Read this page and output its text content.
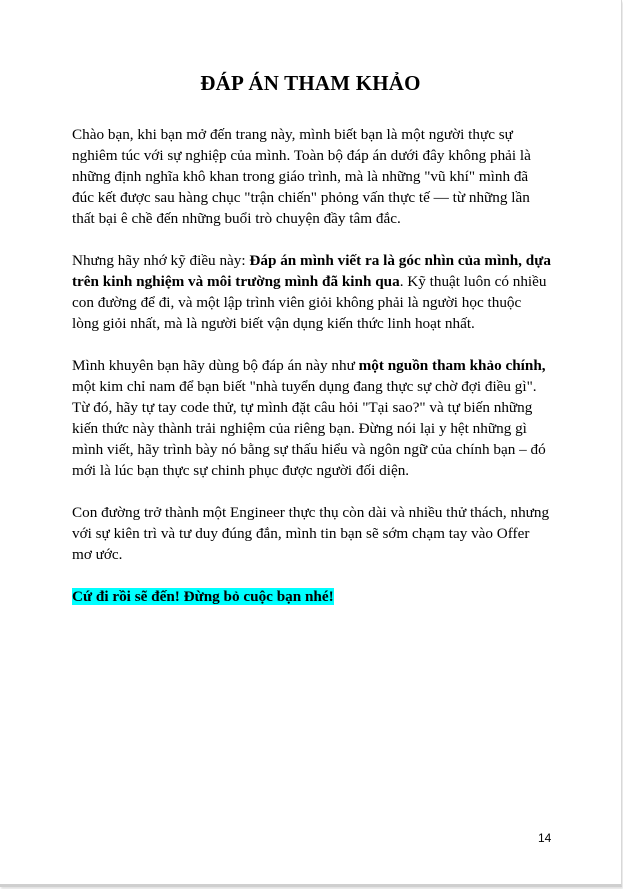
ĐÁP ÁN THAM KHẢO

Chào bạn, khi bạn mở đến trang này, mình biết bạn là một người thực sự nghiêm túc với sự nghiệp của mình. Toàn bộ đáp án dưới đây không phải là những định nghĩa khô khan trong giáo trình, mà là những "vũ khí" mình đã đúc kết được sau hàng chục "trận chiến" phỏng vấn thực tế — từ những lần thất bại ê chề đến những buổi trò chuyện đầy tâm đắc.

Nhưng hãy nhớ kỹ điều này: Đáp án mình viết ra là góc nhìn của mình, dựa trên kinh nghiệm và môi trường mình đã kinh qua. Kỹ thuật luôn có nhiều con đường để đi, và một lập trình viên giỏi không phải là người học thuộc lòng giỏi nhất, mà là người biết vận dụng kiến thức linh hoạt nhất.

Mình khuyên bạn hãy dùng bộ đáp án này như một nguồn tham khảo chính, một kim chỉ nam để bạn biết "nhà tuyển dụng đang thực sự chờ đợi điều gì". Từ đó, hãy tự tay code thử, tự mình đặt câu hỏi "Tại sao?" và tự biến những kiến thức này thành trải nghiệm của riêng bạn. Đừng nói lại y hệt những gì mình viết, hãy trình bày nó bằng sự thấu hiểu và ngôn ngữ của chính bạn – đó mới là lúc bạn thực sự chinh phục được người đối diện.

Con đường trở thành một Engineer thực thụ còn dài và nhiều thử thách, nhưng với sự kiên trì và tư duy đúng đắn, mình tin bạn sẽ sớm chạm tay vào Offer mơ ước.

Cứ đi rồi sẽ đến! Đừng bỏ cuộc bạn nhé!

14
